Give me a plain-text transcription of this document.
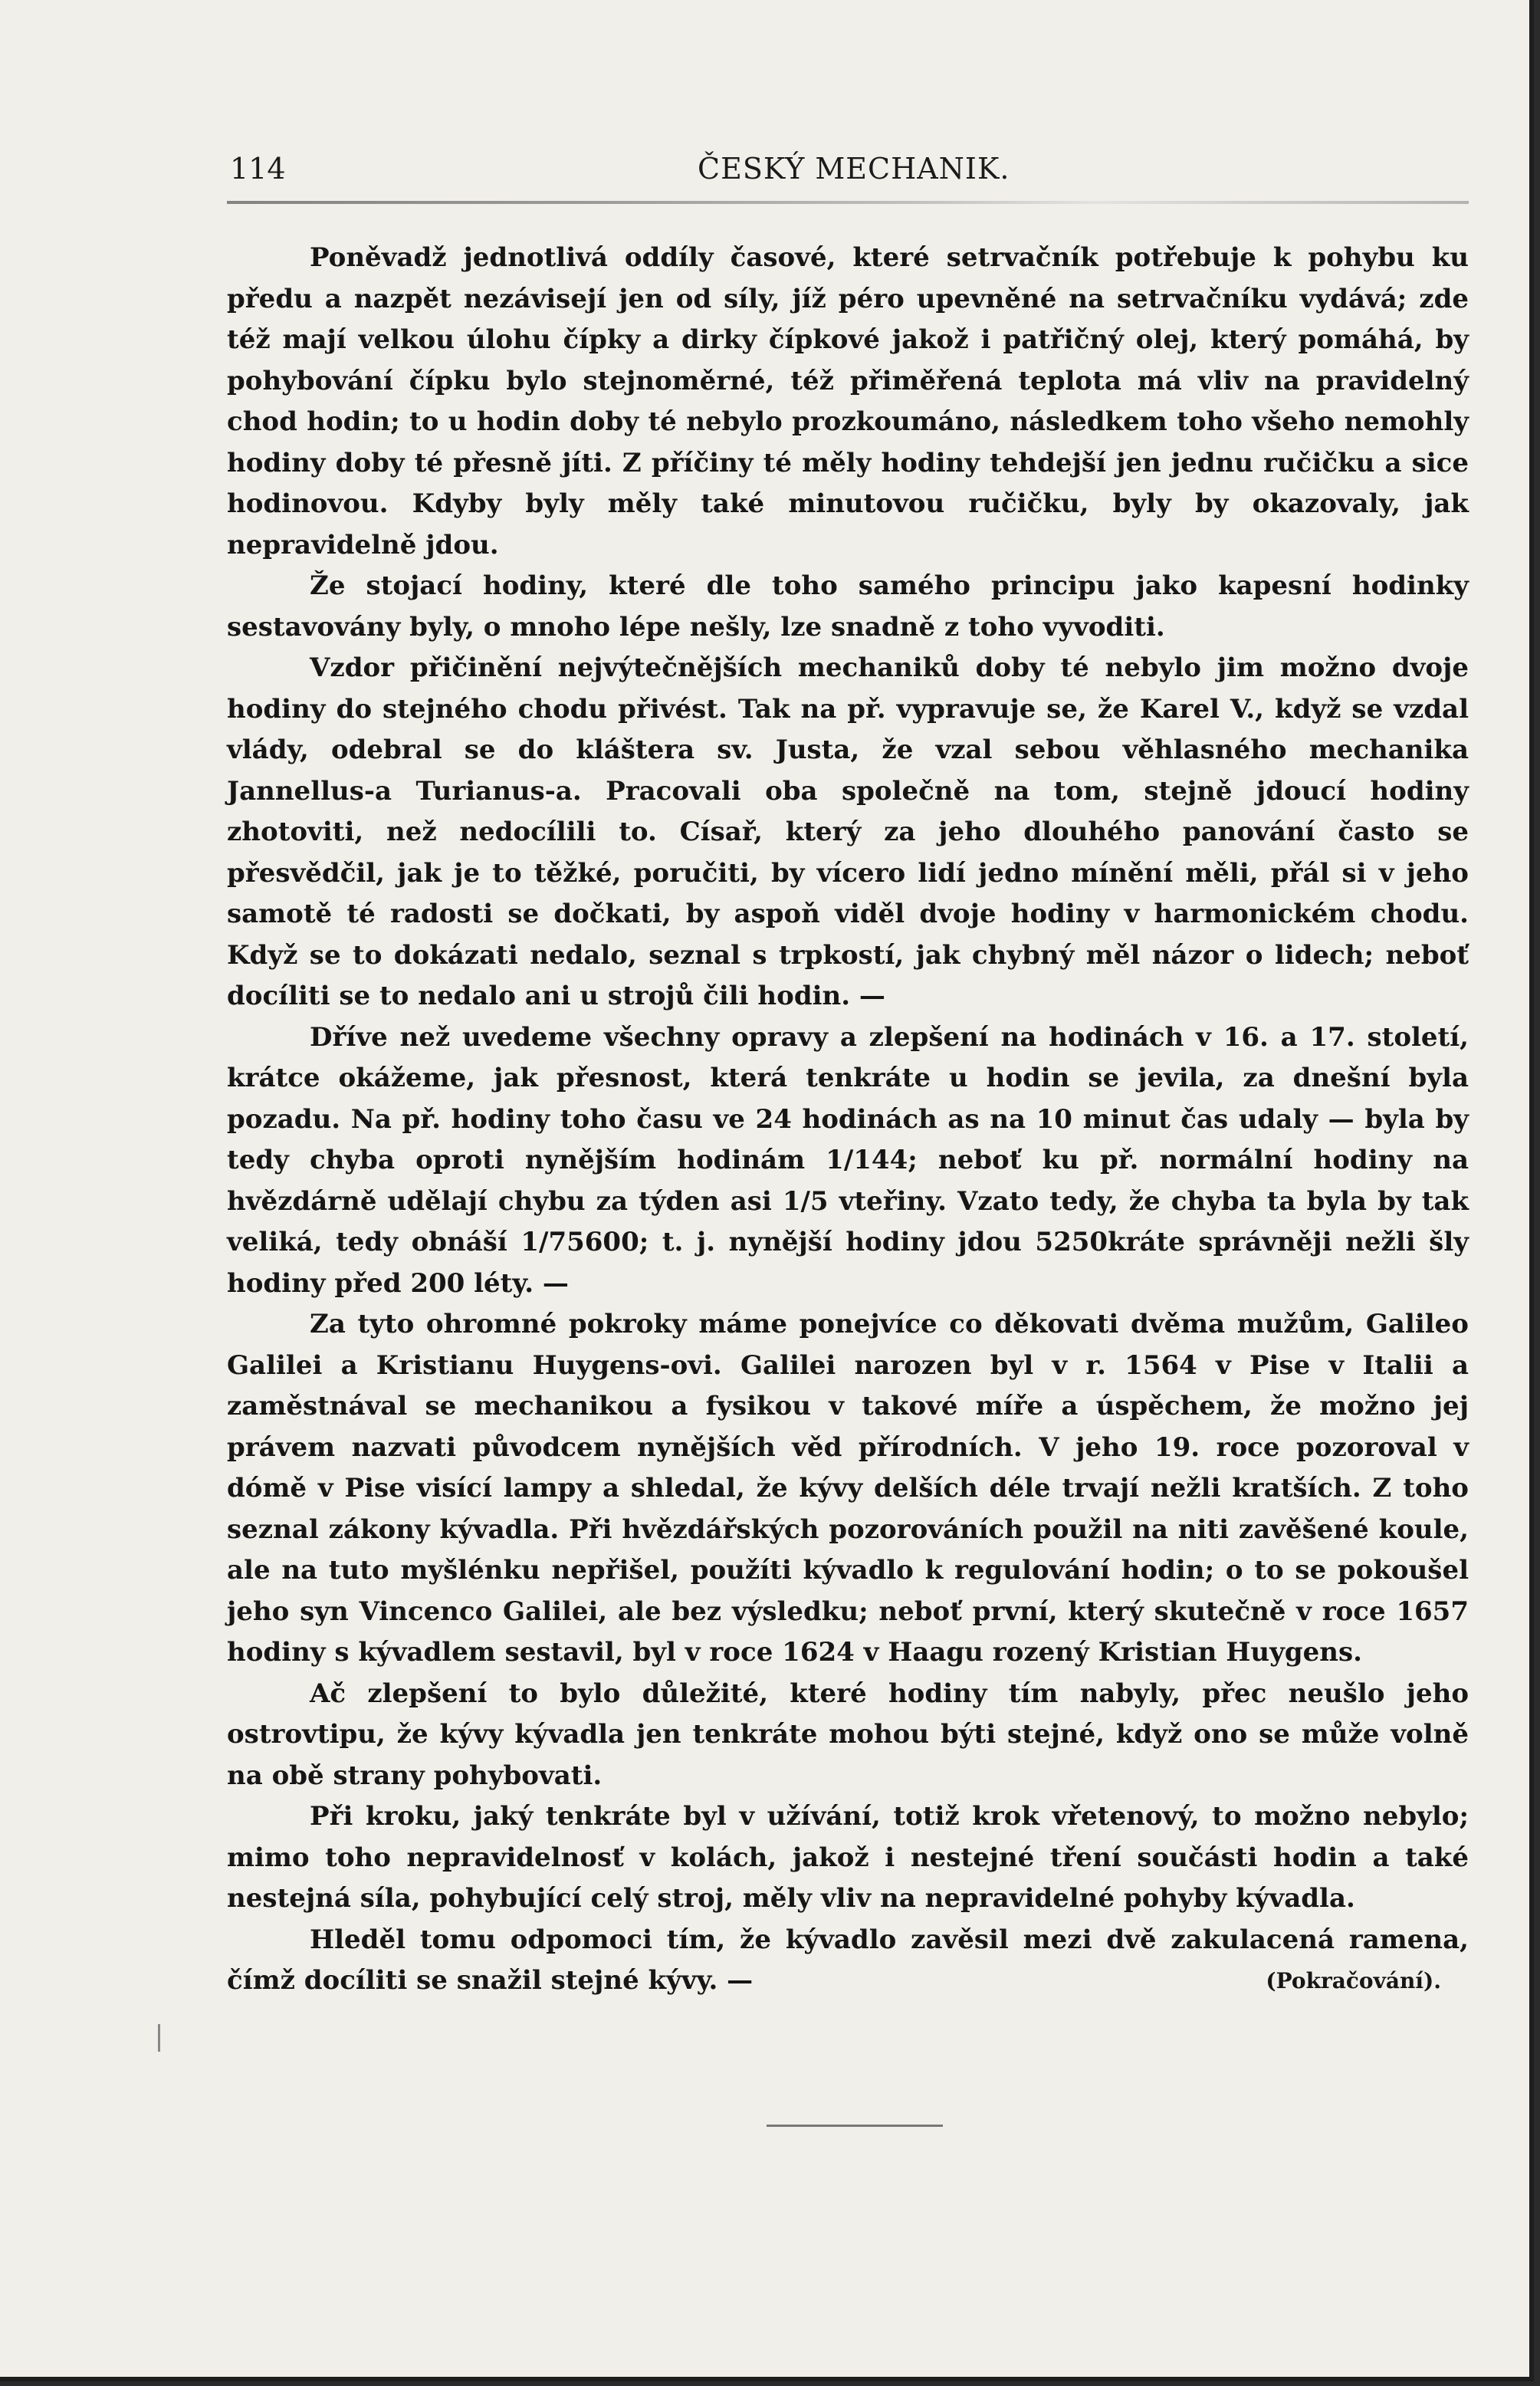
114	ČESKÝ MECHANIK.

Poněvadž jednotlivá oddíly časové, které setrvačník potřebuje k pohybu ku předu a nazpět nezávisejí jen od síly, jíž péro upevněné na setrvačníku vydává; zde též mají velkou úlohu čípky a dirky čípkové jakož i patřičný olej, který pomáhá, by pohybování čípku bylo stejnoměrné, též přiměřená teplota má vliv na pravidelný chod hodin; to u hodin doby té nebylo prozkoumáno, následkem toho všeho nemohly hodiny doby té přesně jíti. Z příčiny té měly hodiny tehdejší jen jednu ručičku a sice hodinovou. Kdyby byly měly také minutovou ručičku, byly by okazovaly, jak nepravidelně jdou.

Že stojací hodiny, které dle toho samého principu jako kapesní hodinky sestavovány byly, o mnoho lépe nešly, lze snadně z toho vyvoditi.

Vzdor přičinění nejvýtečnějších mechaniků doby té nebylo jim možno dvoje hodiny do stejného chodu přivést. Tak na př. vypravuje se, že Karel V., když se vzdal vlády, odebral se do kláštera sv. Justa, že vzal sebou věhlasného mechanika Jannellus-a Turianus-a. Pracovali oba společně na tom, stejně jdoucí hodiny zhotoviti, než nedocílili to. Císař, který za jeho dlouhého panování často se přesvědčil, jak je to těžké, poručiti, by vícero lidí jedno mínění měli, přál si v jeho samotě té radosti se dočkati, by aspoň viděl dvoje hodiny v harmonickém chodu. Když se to dokázati nedalo, seznal s trpkostí, jak chybný měl názor o lidech; neboť docíliti se to nedalo ani u strojů čili hodin. —

Dříve než uvedeme všechny opravy a zlepšení na hodinách v 16. a 17. století, krátce okážeme, jak přesnost, která tenkráte u hodin se jevila, za dnešní byla pozadu. Na př. hodiny toho času ve 24 hodinách as na 10 minut čas udaly — byla by tedy chyba oproti nynějším hodinám 1/144; neboť ku př. normální hodiny na hvězdárně udělají chybu za týden asi 1/5 vteřiny. Vzato tedy, že chyba ta byla by tak veliká, tedy obnáší 1/75600; t. j. nynější hodiny jdou 5250kráte správněji nežli šly hodiny před 200 léty. —

Za tyto ohromné pokroky máme ponejvíce co děkovati dvěma mužům, Galileo Galilei a Kristianu Huygens-ovi. Galilei narozen byl v r. 1564 v Pise v Italii a zaměstnával se mechanikou a fysikou v takové míře a úspěchem, že možno jej právem nazvati původcem nynějších věd přírodních. V jeho 19. roce pozoroval v dómě v Pise visící lampy a shledal, že kývy delších déle trvají nežli kratších. Z toho seznal zákony kývadla. Při hvězdářských pozorováních použil na niti zavěšené koule, ale na tuto myšlénku nepřišel, použíti kývadlo k regulování hodin; o to se pokoušel jeho syn Vincenco Galilei, ale bez výsledku; neboť první, který skutečně v roce 1657 hodiny s kývadlem sestavil, byl v roce 1624 v Haagu rozený Kristian Huygens.

Ač zlepšení to bylo důležité, které hodiny tím nabyly, přec neušlo jeho ostrovtipu, že kývy kývadla jen tenkráte mohou býti stejné, když ono se může volně na obě strany pohybovati.

Při kroku, jaký tenkráte byl v užívání, totiž krok vřetenový, to možno nebylo; mimo toho nepravidelnosť v kolách, jakož i nestejné tření součásti hodin a také nestejná síla, pohybující celý stroj, měly vliv na nepravidelné pohyby kývadla.

Hleděl tomu odpomoci tím, že kývadlo zavěsil mezi dvě zakulacená ramena, čímž docíliti se snažil stejné kývy. —	(Pokračování).
